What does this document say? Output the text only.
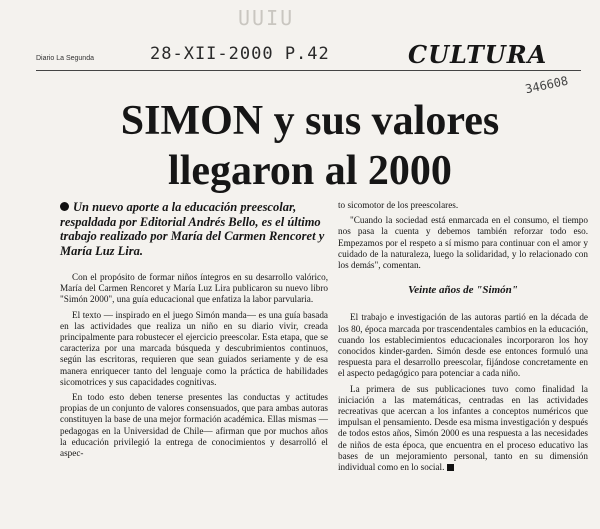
UUIU
Diario La Segunda	28-XII-2000 P.42	CULTURA
346608
SIMON y sus valores
llegaron al 2000

Un nuevo aporte a la educación preescolar, respaldada por Editorial Andrés Bello, es el último trabajo realizado por María del Carmen Rencoret y María Luz Lira.

Con el propósito de formar niños íntegros en su desarrollo valórico, María del Carmen Rencoret y María Luz Lira publicaron su nuevo libro "Simón 2000", una guía educacional que enfatiza la labor parvularia.

El texto — inspirado en el juego Simón manda— es una guía basada en las actividades que realiza un niño en su diario vivir, creada principalmente para robustecer el ejercicio preescolar. Esta etapa, que se caracteriza por una marcada búsqueda y descubrimientos continuos, según las escritoras, requieren que sean guiados seriamente y de esa manera enriquecer tanto del lenguaje como la práctica de habilidades sicomotrices y sus capacidades cognitivas.

En todo esto deben tenerse presentes las conductas y actitudes propias de un conjunto de valores consensuados, que para ambas autoras constituyen la base de una mejor formación académica. Ellas mismas — pedagogas en la Universidad de Chile— afirman que por muchos años la educación privilegió la entrega de conocimientos y desarrolló el aspec-

to sicomotor de los preescolares.

"Cuando la sociedad está enmarcada en el consumo, el tiempo nos pasa la cuenta y debemos también reforzar todo eso. Empezamos por el respeto a sí mismo para continuar con el amor y cuidado de la naturaleza, luego la solidaridad, y lo relacionado con los demás", comentan.

Veinte años de "Simón"

El trabajo e investigación de las autoras partió en la década de los 80, época marcada por trascendentales cambios en la educación, cuando los establecimientos educacionales incorporaron los hoy conocidos kinder-garden. Simón desde ese entonces formuló una respuesta para el desarrollo preescolar, fijándose concretamente en el aspecto pedagógico para potenciar a cada niño.

La primera de sus publicaciones tuvo como finalidad la iniciación a las matemáticas, centradas en las actividades recreativas que acercan a los infantes a conceptos numéricos que impulsan el pensamiento. Desde esa misma investigación y después de todos estos años, Simón 2000 es una respuesta a las necesidades de niños de esta época, que encuentra en el proceso educativo las bases de un mejoramiento personal, tanto en su dimensión individual como en lo social.
